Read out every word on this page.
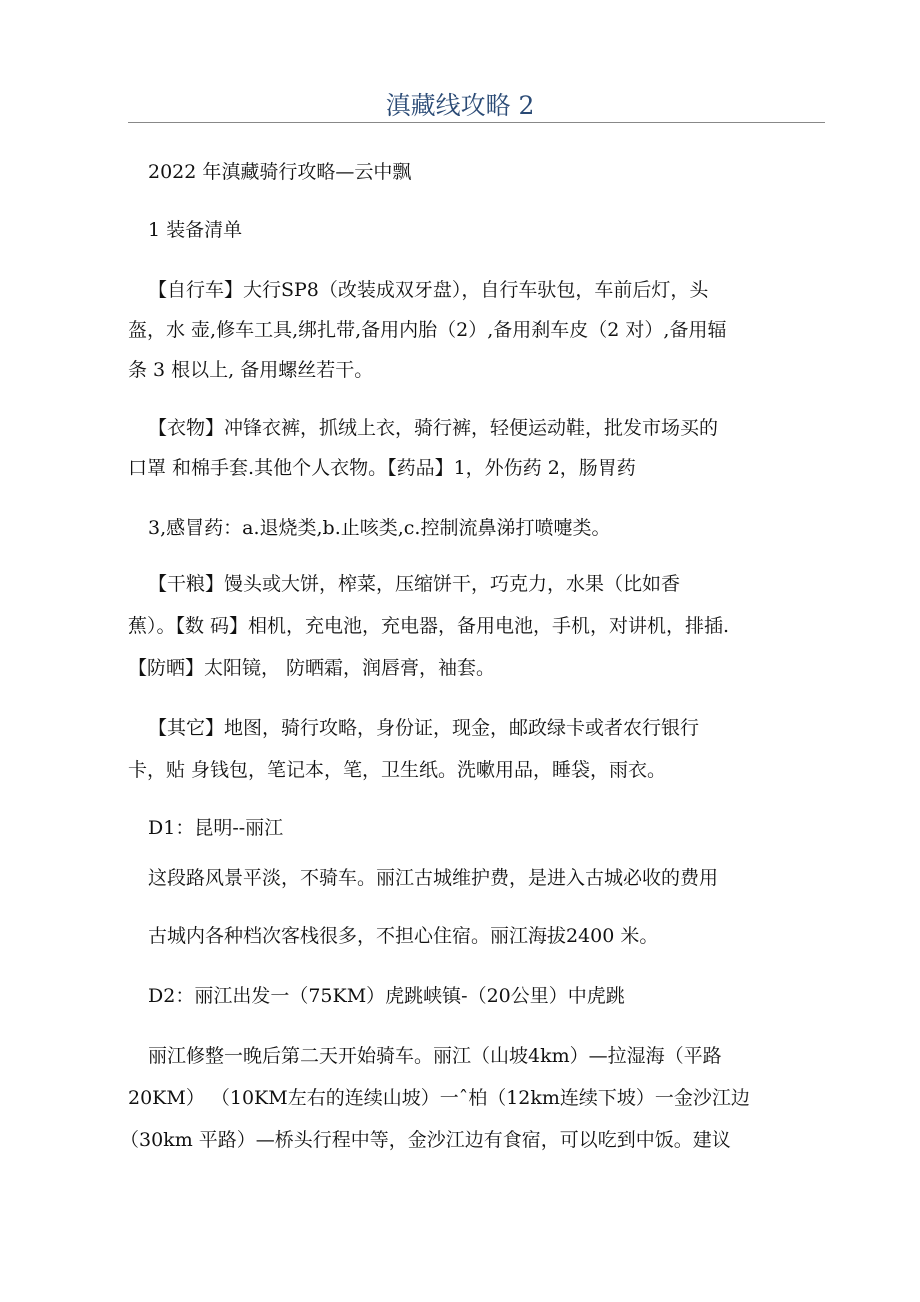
滇藏线攻略 2
2022 年滇藏骑行攻略—云中飘
1 装备清单
【自行车】大行SP8（改装成双牙盘），自行车驮包，车前后灯，头
盔，水 壶,修车工具,绑扎带,备用内胎（2）,备用刹车皮（2 对）,备用辐
条 3 根以上, 备用螺丝若干。
【衣物】冲锋衣裤，抓绒上衣，骑行裤，轻便运动鞋，批发市场买的
口罩 和棉手套.其他个人衣物。【药品】1，外伤药 2，肠胃药
3,感冒药：a.退烧类,b.止咳类,c.控制流鼻涕打喷嚏类。
【干粮】馒头或大饼，榨菜，压缩饼干，巧克力，水果（比如香
蕉）。【数 码】相机，充电池，充电器，备用电池，手机，对讲机，排插.
【防晒】太阳镜， 防晒霜，润唇膏，袖套。
【其它】地图，骑行攻略，身份证，现金，邮政绿卡或者农行银行
卡，贴 身钱包，笔记本，笔，卫生纸。洗嗽用品，睡袋，雨衣。
D1：昆明--丽江
这段路风景平淡，不骑车。丽江古城维护费，是进入古城必收的费用
古城内各种档次客栈很多，不担心住宿。丽江海拔2400 米。
D2：丽江出发一（75KM）虎跳峡镇-（20公里）中虎跳
丽江修整一晚后第二天开始骑车。丽江（山坡4km）—拉湿海（平路
20KM） （10KM左右的连续山坡）一ˆ柏（12km连续下坡）一金沙江边
（30km 平路）—桥头行程中等，金沙江边有食宿，可以吃到中饭。建议
